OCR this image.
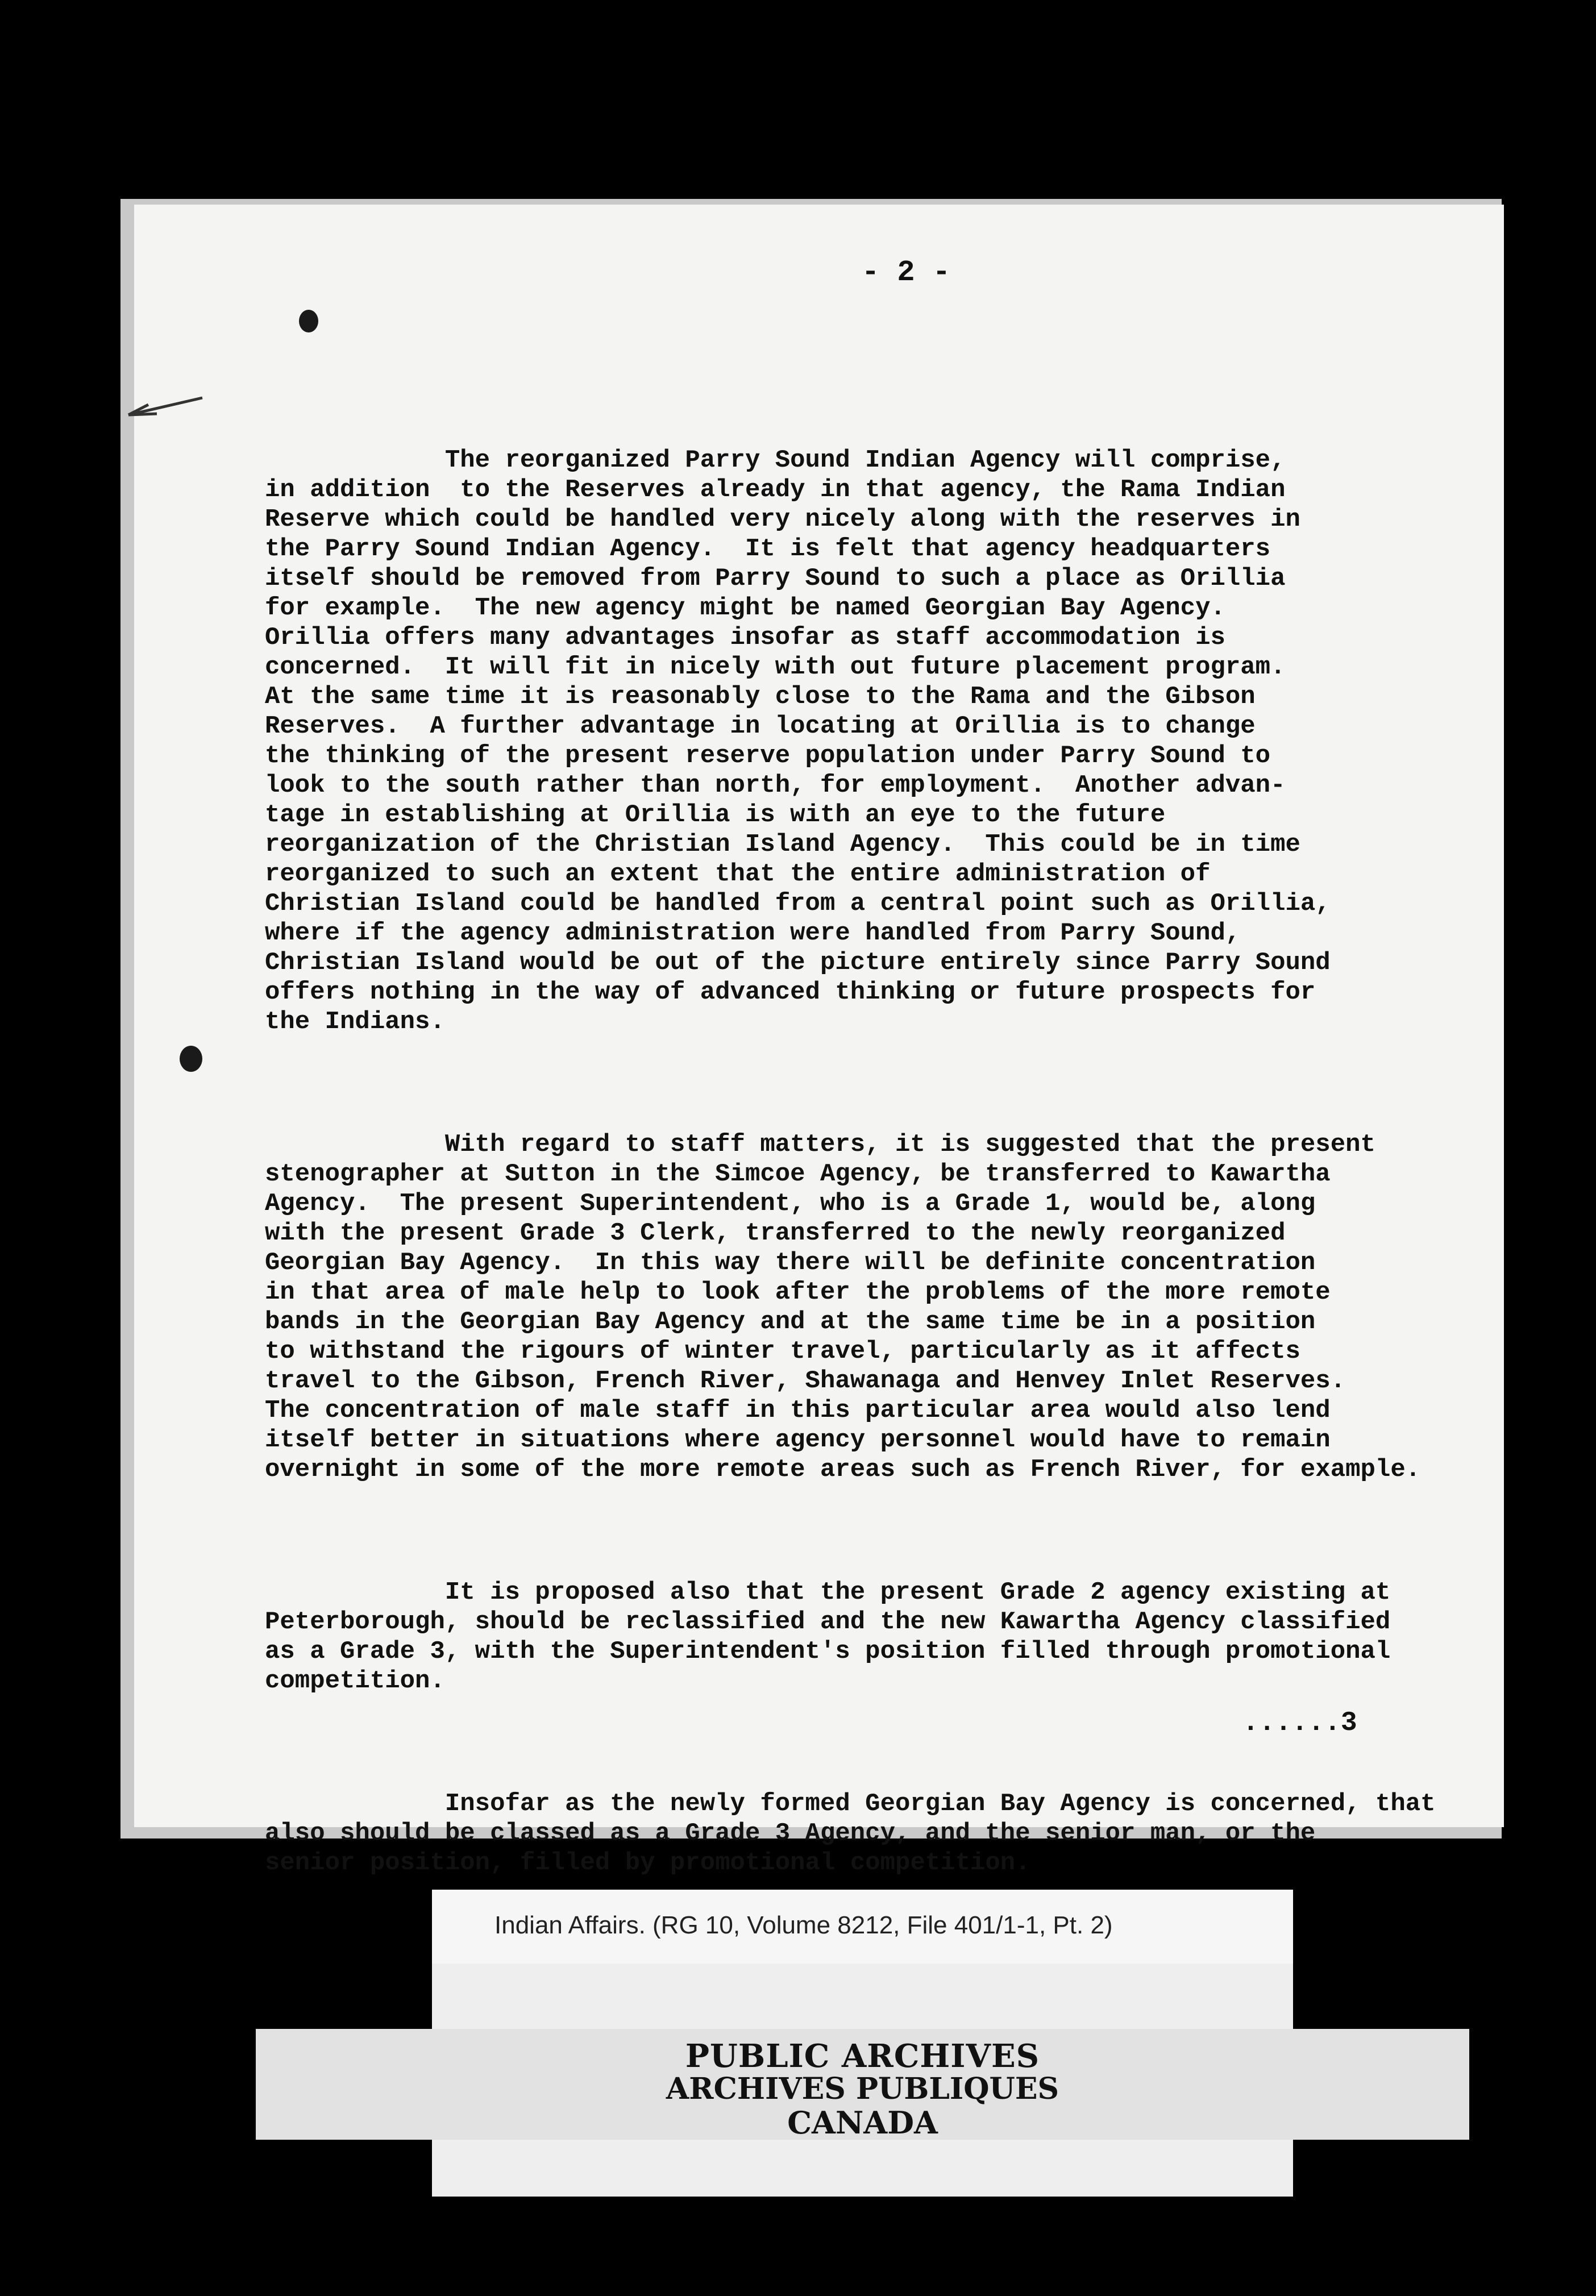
- 2 -

The reorganized Parry Sound Indian Agency will comprise,
in addition  to the Reserves already in that agency, the Rama Indian
Reserve which could be handled very nicely along with the reserves in
the Parry Sound Indian Agency.  It is felt that agency headquarters
itself should be removed from Parry Sound to such a place as Orillia
for example.  The new agency might be named Georgian Bay Agency.
Orillia offers many advantages insofar as staff accommodation is
concerned.  It will fit in nicely with out future placement program.
At the same time it is reasonably close to the Rama and the Gibson
Reserves.  A further advantage in locating at Orillia is to change
the thinking of the present reserve population under Parry Sound to
look to the south rather than north, for employment.  Another advan-
tage in establishing at Orillia is with an eye to the future
reorganization of the Christian Island Agency.  This could be in time
reorganized to such an extent that the entire administration of
Christian Island could be handled from a central point such as Orillia,
where if the agency administration were handled from Parry Sound,
Christian Island would be out of the picture entirely since Parry Sound
offers nothing in the way of advanced thinking or future prospects for
the Indians.

With regard to staff matters, it is suggested that the present
stenographer at Sutton in the Simcoe Agency, be transferred to Kawartha
Agency.  The present Superintendent, who is a Grade 1, would be, along
with the present Grade 3 Clerk, transferred to the newly reorganized
Georgian Bay Agency.  In this way there will be definite concentration
in that area of male help to look after the problems of the more remote
bands in the Georgian Bay Agency and at the same time be in a position
to withstand the rigours of winter travel, particularly as it affects
travel to the Gibson, French River, Shawanaga and Henvey Inlet Reserves.
The concentration of male staff in this particular area would also lend
itself better in situations where agency personnel would have to remain
overnight in some of the more remote areas such as French River, for example.

It is proposed also that the present Grade 2 agency existing at
Peterborough, should be reclassified and the new Kawartha Agency classified
as a Grade 3, with the Superintendent's position filled through promotional
competition.

Insofar as the newly formed Georgian Bay Agency is concerned, that
also should be classed as a Grade 3 Agency, and the senior man, or the
senior position, filled by promotional competition.

......3
Indian Affairs. (RG 10, Volume 8212, File 401/1-1, Pt. 2)
PUBLIC ARCHIVES
ARCHIVES PUBLIQUES
CANADA
